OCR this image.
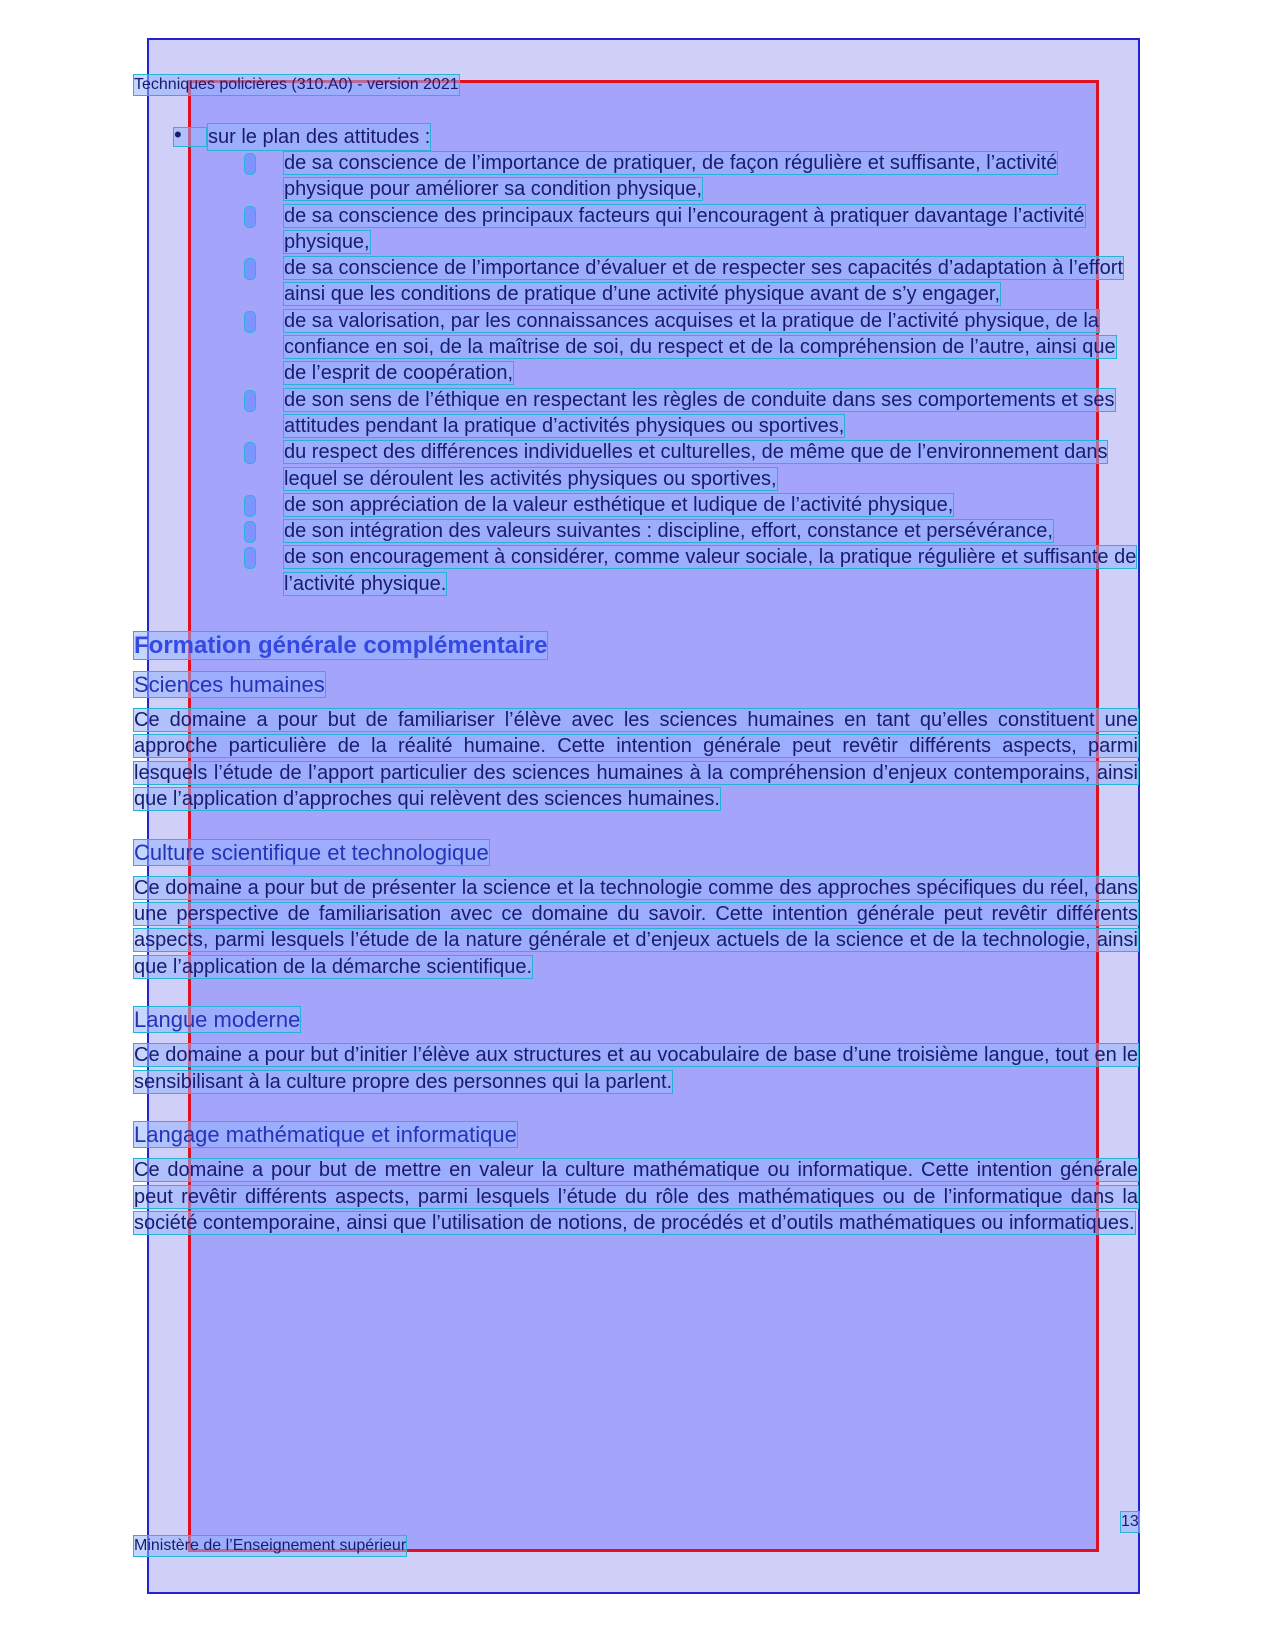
Techniques policières (310.A0) - version 2021
•
sur le plan des attitudes :
de sa conscience de l’importance de pratiquer, de façon régulière et suffisante, l’activité physique pour améliorer sa condition physique,
de sa conscience des principaux facteurs qui l’encouragent à pratiquer davantage l’activité physique,
de sa conscience de l’importance d’évaluer et de respecter ses capacités d’adaptation à l’effort ainsi que les conditions de pratique d’une activité physique avant de s’y engager,
de sa valorisation, par les connaissances acquises et la pratique de l’activité physique, de la confiance en soi, de la maîtrise de soi, du respect et de la compréhension de l’autre, ainsi que de l’esprit de coopération,
de son sens de l’éthique en respectant les règles de conduite dans ses comportements et ses attitudes pendant la pratique d’activités physiques ou sportives,
du respect des différences individuelles et culturelles, de même que de l’environnement dans lequel se déroulent les activités physiques ou sportives,
de son appréciation de la valeur esthétique et ludique de l’activité physique,
de son intégration des valeurs suivantes : discipline, effort, constance et persévérance,
de son encouragement à considérer, comme valeur sociale, la pratique régulière et suffisante de l’activité physique.
Formation générale complémentaire
Sciences humaines

Ce domaine a pour but de familiariser l’élève avec les sciences humaines en tant qu’elles constituent une approche particulière de la réalité humaine. Cette intention générale peut revêtir différents aspects, parmi lesquels l’étude de l’apport particulier des sciences humaines à la compréhension d’enjeux contemporains, ainsi que l’application d’approches qui relèvent des sciences humaines.

Culture scientifique et technologique

Ce domaine a pour but de présenter la science et la technologie comme des approches spécifiques du réel, dans une perspective de familiarisation avec ce domaine du savoir. Cette intention générale peut revêtir différents aspects, parmi lesquels l’étude de la nature générale et d’enjeux actuels de la science et de la technologie, ainsi que l’application de la démarche scientifique.

Langue moderne

Ce domaine a pour but d’initier l’élève aux structures et au vocabulaire de base d’une troisième langue, tout en le sensibilisant à la culture propre des personnes qui la parlent.

Langage mathématique et informatique

Ce domaine a pour but de mettre en valeur la culture mathématique ou informatique. Cette intention générale peut revêtir différents aspects, parmi lesquels l’étude du rôle des mathématiques ou de l’informatique dans la société contemporaine, ainsi que l’utilisation de notions, de procédés et d’outils mathématiques ou informatiques.

13
Ministère de l’Enseignement supérieur
